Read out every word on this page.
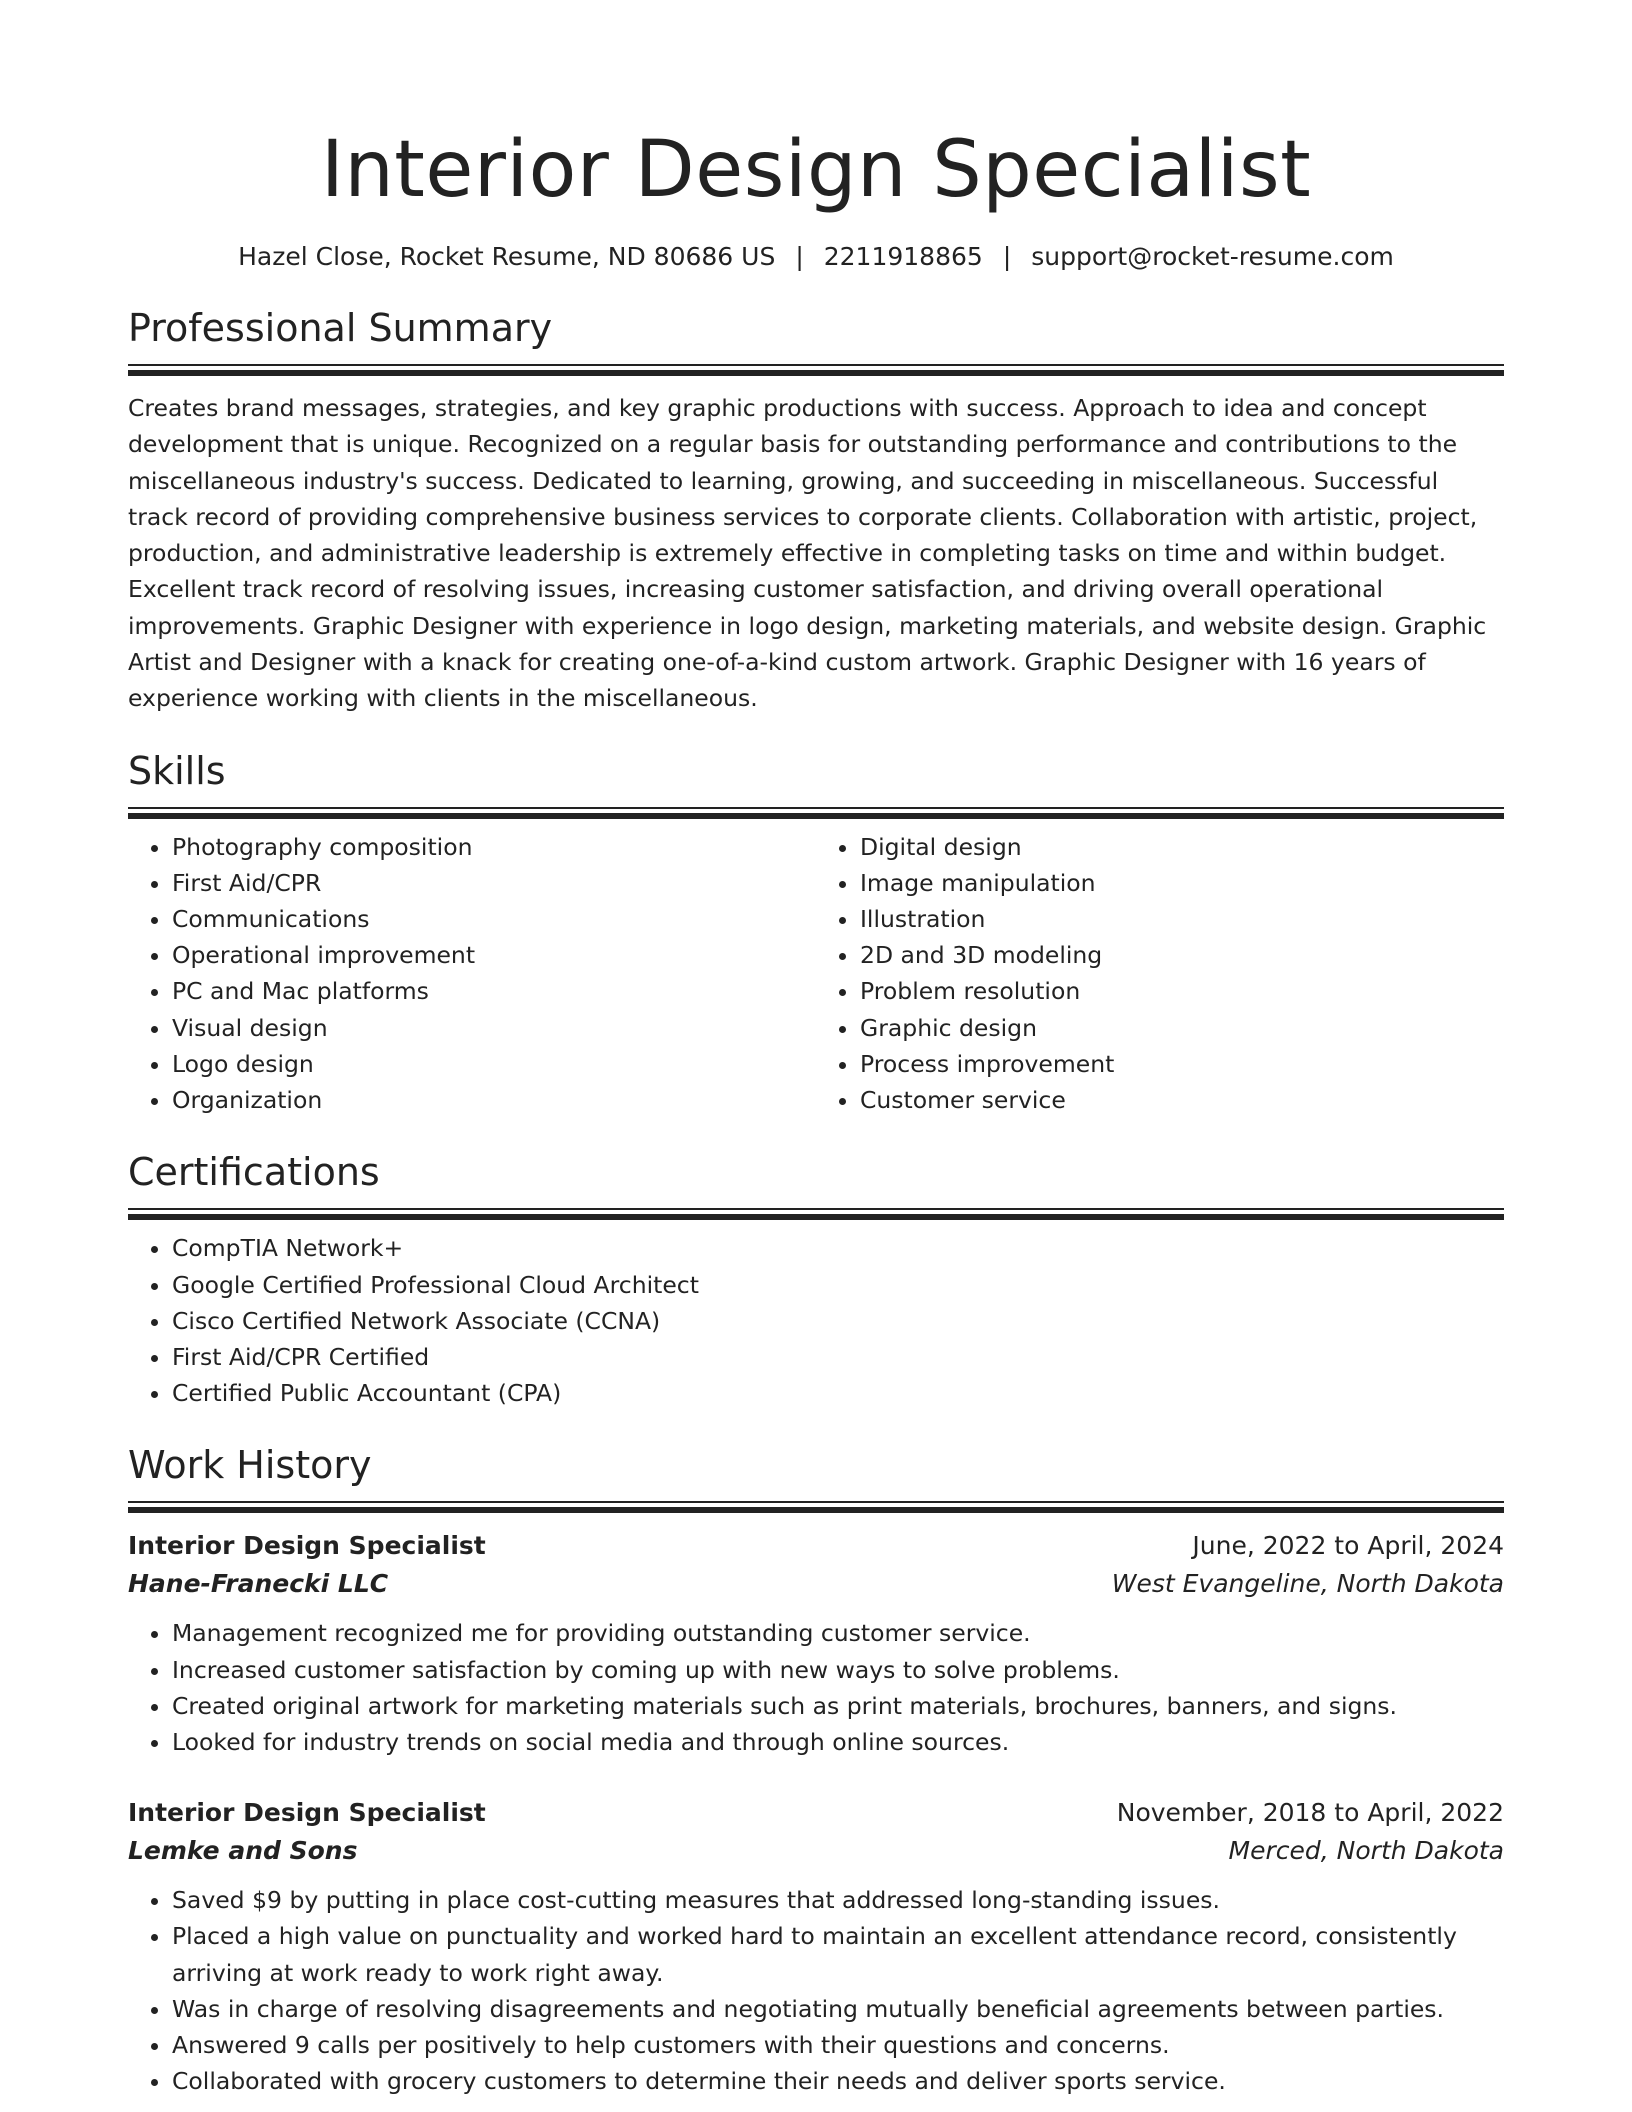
Interior Design Specialist
Hazel Close, Rocket Resume, ND 80686 US | 2211918865 | support@rocket-resume.com
Professional Summary

Creates brand messages, strategies, and key graphic productions with success. Approach to idea and concept development that is unique. Recognized on a regular basis for outstanding performance and contributions to the miscellaneous industry's success. Dedicated to learning, growing, and succeeding in miscellaneous. Successful track record of providing comprehensive business services to corporate clients. Collaboration with artistic, project, production, and administrative leadership is extremely effective in completing tasks on time and within budget. Excellent track record of resolving issues, increasing customer satisfaction, and driving overall operational improvements. Graphic Designer with experience in logo design, marketing materials, and website design. Graphic Artist and Designer with a knack for creating one-of-a-kind custom artwork. Graphic Designer with 16 years of experience working with clients in the miscellaneous.

Skills
• Photography composition
• First Aid/CPR
• Communications
• Operational improvement
• PC and Mac platforms
• Visual design
• Logo design
• Organization
• Digital design
• Image manipulation
• Illustration
• 2D and 3D modeling
• Problem resolution
• Graphic design
• Process improvement
• Customer service
Certifications
• CompTIA Network+
• Google Certified Professional Cloud Architect
• Cisco Certified Network Associate (CCNA)
• First Aid/CPR Certified
• Certified Public Accountant (CPA)
Work History
Interior Design Specialist	June, 2022 to April, 2024
Hane-Franecki LLC	West Evangeline, North Dakota
• Management recognized me for providing outstanding customer service.
• Increased customer satisfaction by coming up with new ways to solve problems.
• Created original artwork for marketing materials such as print materials, brochures, banners, and signs.
• Looked for industry trends on social media and through online sources.
Interior Design Specialist	November, 2018 to April, 2022
Lemke and Sons	Merced, North Dakota
• Saved $9 by putting in place cost-cutting measures that addressed long-standing issues.
• Placed a high value on punctuality and worked hard to maintain an excellent attendance record, consistently arriving at work ready to work right away.
• Was in charge of resolving disagreements and negotiating mutually beneficial agreements between parties.
• Answered 9 calls per positively to help customers with their questions and concerns.
• Collaborated with grocery customers to determine their needs and deliver sports service.
